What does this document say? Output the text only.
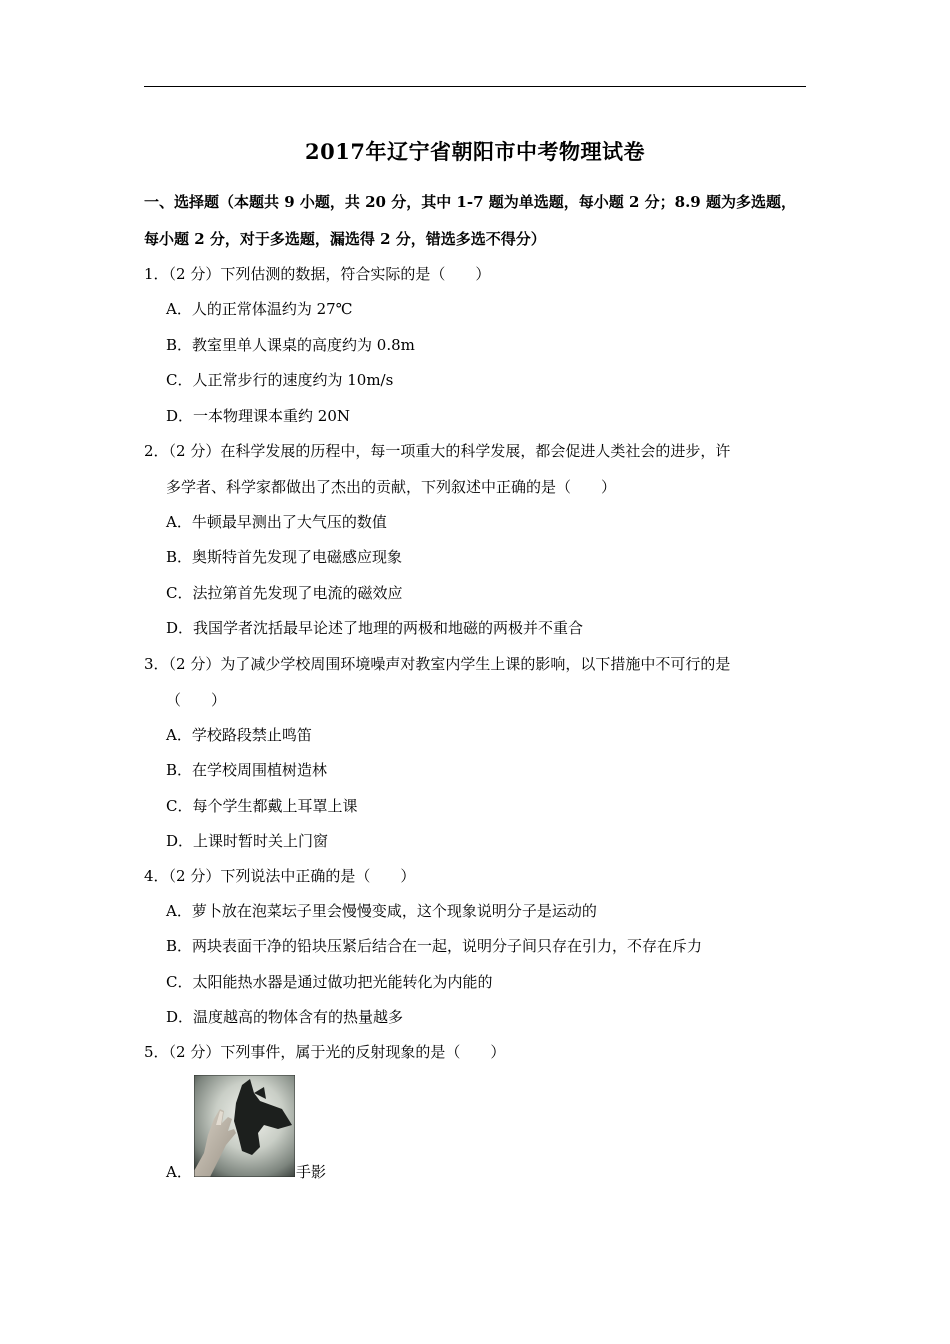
2017年辽宁省朝阳市中考物理试卷
一、选择题（本题共 9 小题，共 20 分，其中 1-7 题为单选题，每小题 2 分；8.9 题为多选题，
每小题 2 分，对于多选题，漏选得 2 分，错选多选不得分）
1．（2 分）下列估测的数据，符合实际的是（　　）
A．人的正常体温约为 27℃
B．教室里单人课桌的高度约为 0.8m
C．人正常步行的速度约为 10m/s
D．一本物理课本重约 20N
2．（2 分）在科学发展的历程中，每一项重大的科学发展，都会促进人类社会的进步，许
多学者、科学家都做出了杰出的贡献，下列叙述中正确的是（　　）
A．牛顿最早测出了大气压的数值
B．奥斯特首先发现了电磁感应现象
C．法拉第首先发现了电流的磁效应
D．我国学者沈括最早论述了地理的两极和地磁的两极并不重合
3．（2 分）为了减少学校周围环境噪声对教室内学生上课的影响，以下措施中不可行的是
（　　）
A．学校路段禁止鸣笛
B．在学校周围植树造林
C．每个学生都戴上耳罩上课
D．上课时暂时关上门窗
4．（2 分）下列说法中正确的是（　　）
A．萝卜放在泡菜坛子里会慢慢变咸，这个现象说明分子是运动的
B．两块表面干净的铅块压紧后结合在一起，说明分子间只存在引力，不存在斥力
C．太阳能热水器是通过做功把光能转化为内能的
D．温度越高的物体含有的热量越多
5．（2 分）下列事件，属于光的反射现象的是（　　）
A．	手影
